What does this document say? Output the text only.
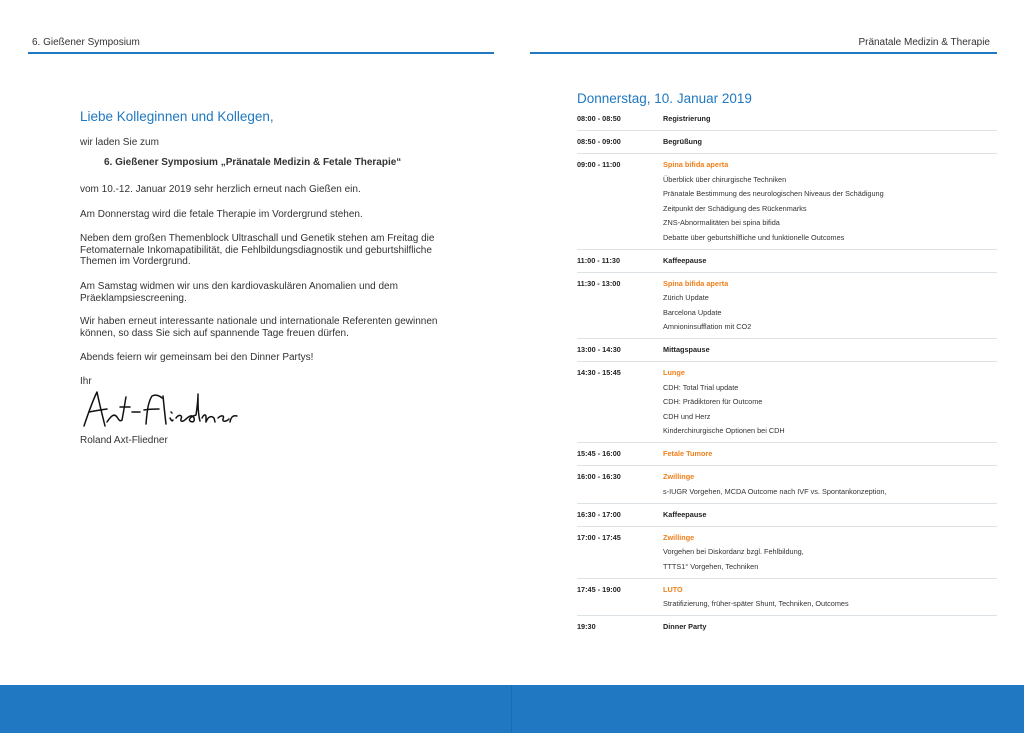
6. Gießener Symposium
Liebe Kolleginnen und Kollegen,
wir laden Sie zum
6. Gießener Symposium „Pränatale Medizin & Fetale Therapie“
vom 10.-12. Januar 2019 sehr herzlich erneut nach Gießen ein.
Am Donnerstag wird die fetale Therapie im Vordergrund stehen.
Neben dem großen Themenblock Ultraschall und Genetik stehen am Freitag die Fetomaternale Inkomapatibilität, die Fehlbildungsdiagnostik und geburtshilfliche Themen im Vordergrund.
Am Samstag widmen wir uns den kardiovaskulären Anomalien und dem Präeklampsiescreening.
Wir haben erneut interessante nationale und internationale Referenten gewinnen können, so dass Sie sich auf spannende Tage freuen dürfen.
Abends feiern wir gemeinsam bei den Dinner Partys!
Ihr
Roland Axt-Fliedner
Pränatale Medizin & Therapie
Donnerstag, 10. Januar 2019
08:00 - 08:50	Registrierung
08:50 - 09:00	Begrüßung
09:00 - 11:00	Spina bifida aperta
Überblick über chirurgische Techniken
Pränatale Bestimmung des neurologischen Niveaus der Schädigung
Zeitpunkt der Schädigung des Rückenmarks
ZNS-Abnormalitäten bei spina bifida
Debatte über geburtshilfliche und funktionelle Outcomes
11:00 - 11:30	Kaffeepause
11:30 - 13:00	Spina bifida aperta
Zürich Update
Barcelona Update
Amnioninsufflation mit CO2
13:00 - 14:30	Mittagspause
14:30 - 15:45	Lunge
CDH: Total Trial update
CDH: Prädiktoren für Outcome
CDH und Herz
Kinderchirurgische Optionen bei CDH
15:45 - 16:00	Fetale Tumore
16:00 - 16:30	Zwillinge
s-IUGR Vorgehen, MCDA Outcome nach IVF vs. Spontankonzeption,
16:30 - 17:00	Kaffeepause
17:00 - 17:45	Zwillinge
Vorgehen bei Diskordanz bzgl. Fehlbildung,
TTTS1° Vorgehen, Techniken
17:45 - 19:00	LUTO
Stratifizierung, früher-später Shunt, Techniken, Outcomes
19:30	Dinner Party
